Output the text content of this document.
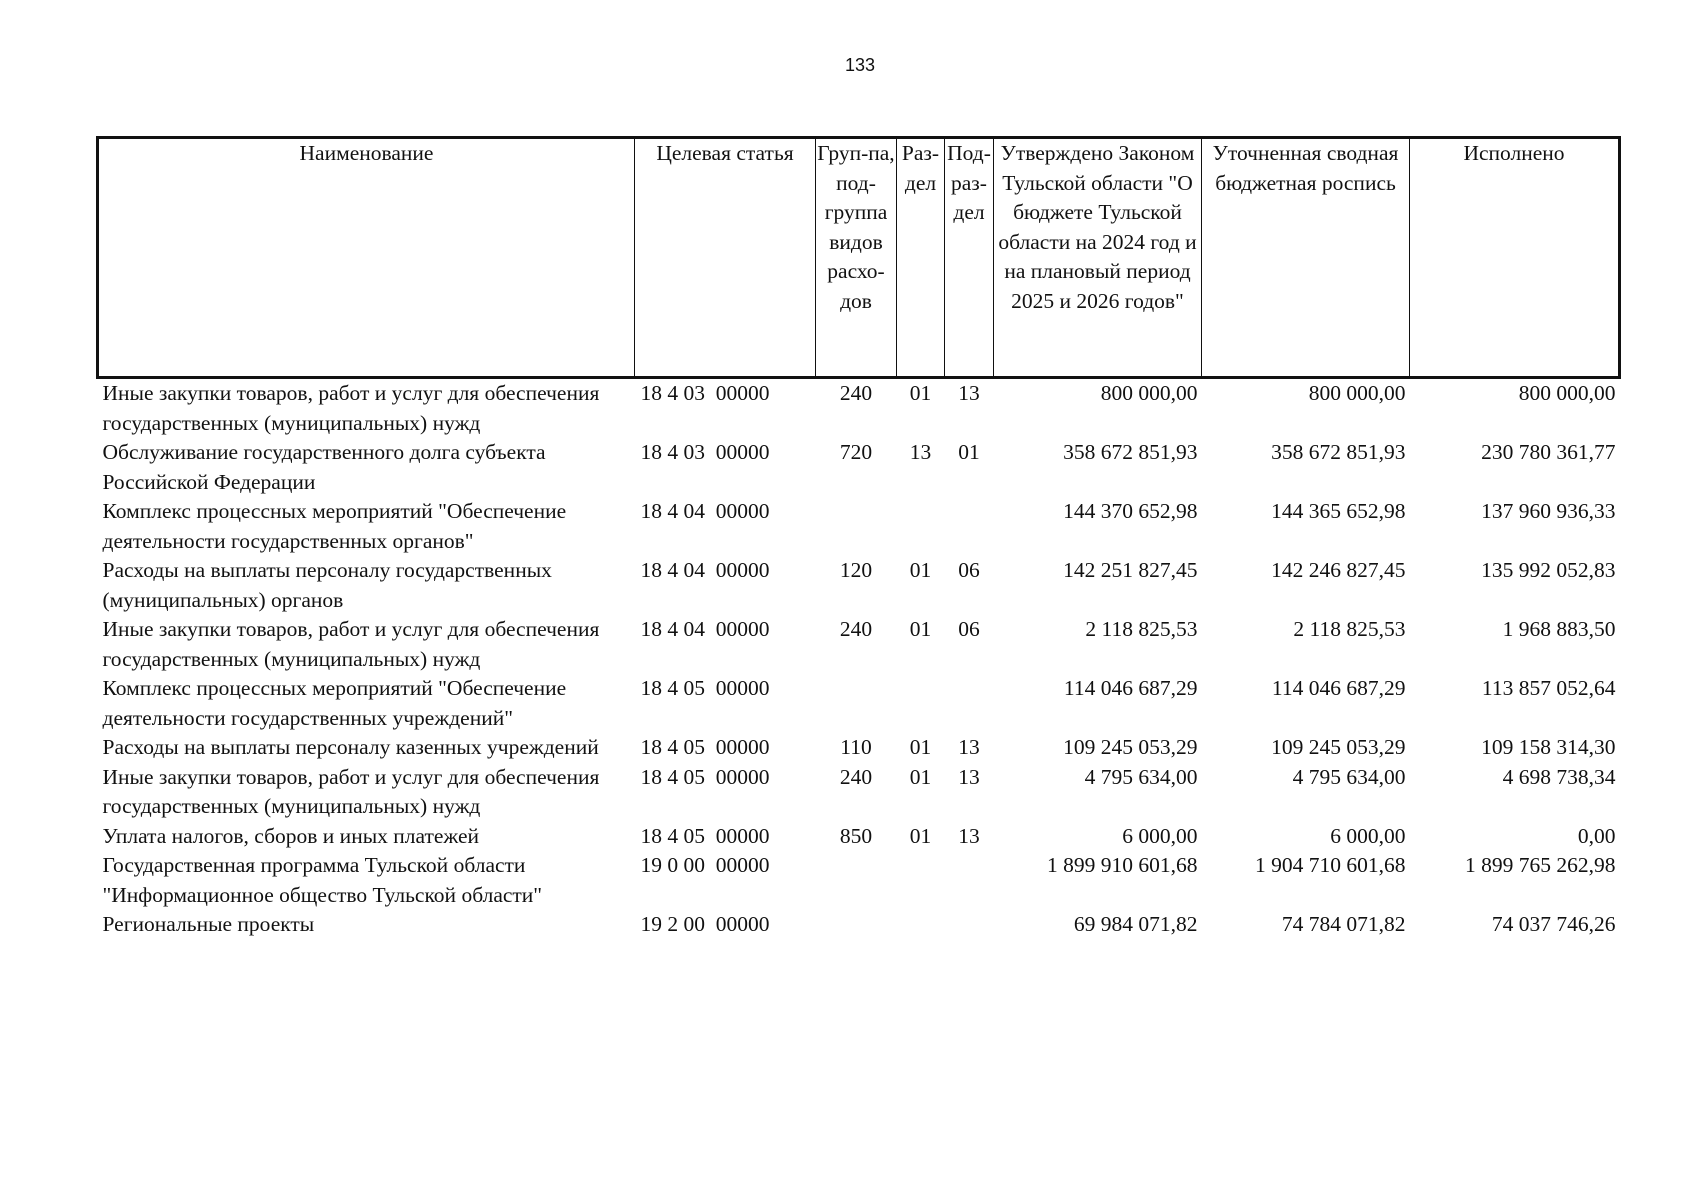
133
Наименование	Целевая статья	Груп-па, под-группа видов расхо-дов	Раз-дел	Под-раз-дел	Утверждено Законом Тульской области "О бюджете Тульской области на 2024 год и на плановый период 2025 и 2026 годов"	Уточненная сводная бюджетная роспись	Исполнено
Иные закупки товаров, работ и услуг для обеспечения государственных (муниципальных) нужд	18 4 03  00000	240	01	13	800 000,00	800 000,00	800 000,00
Обслуживание государственного долга субъекта Российской Федерации	18 4 03  00000	720	13	01	358 672 851,93	358 672 851,93	230 780 361,77
Комплекс процессных мероприятий "Обеспечение деятельности государственных органов"	18 4 04  00000				144 370 652,98	144 365 652,98	137 960 936,33
Расходы на выплаты персоналу государственных (муниципальных) органов	18 4 04  00000	120	01	06	142 251 827,45	142 246 827,45	135 992 052,83
Иные закупки товаров, работ и услуг для обеспечения государственных (муниципальных) нужд	18 4 04  00000	240	01	06	2 118 825,53	2 118 825,53	1 968 883,50
Комплекс процессных мероприятий "Обеспечение деятельности государственных учреждений"	18 4 05  00000				114 046 687,29	114 046 687,29	113 857 052,64
Расходы на выплаты персоналу казенных учреждений	18 4 05  00000	110	01	13	109 245 053,29	109 245 053,29	109 158 314,30
Иные закупки товаров, работ и услуг для обеспечения государственных (муниципальных) нужд	18 4 05  00000	240	01	13	4 795 634,00	4 795 634,00	4 698 738,34
Уплата налогов, сборов и иных платежей	18 4 05  00000	850	01	13	6 000,00	6 000,00	0,00
Государственная программа Тульской области "Информационное общество Тульской области"	19 0 00  00000				1 899 910 601,68	1 904 710 601,68	1 899 765 262,98
Региональные проекты	19 2 00  00000				69 984 071,82	74 784 071,82	74 037 746,26
